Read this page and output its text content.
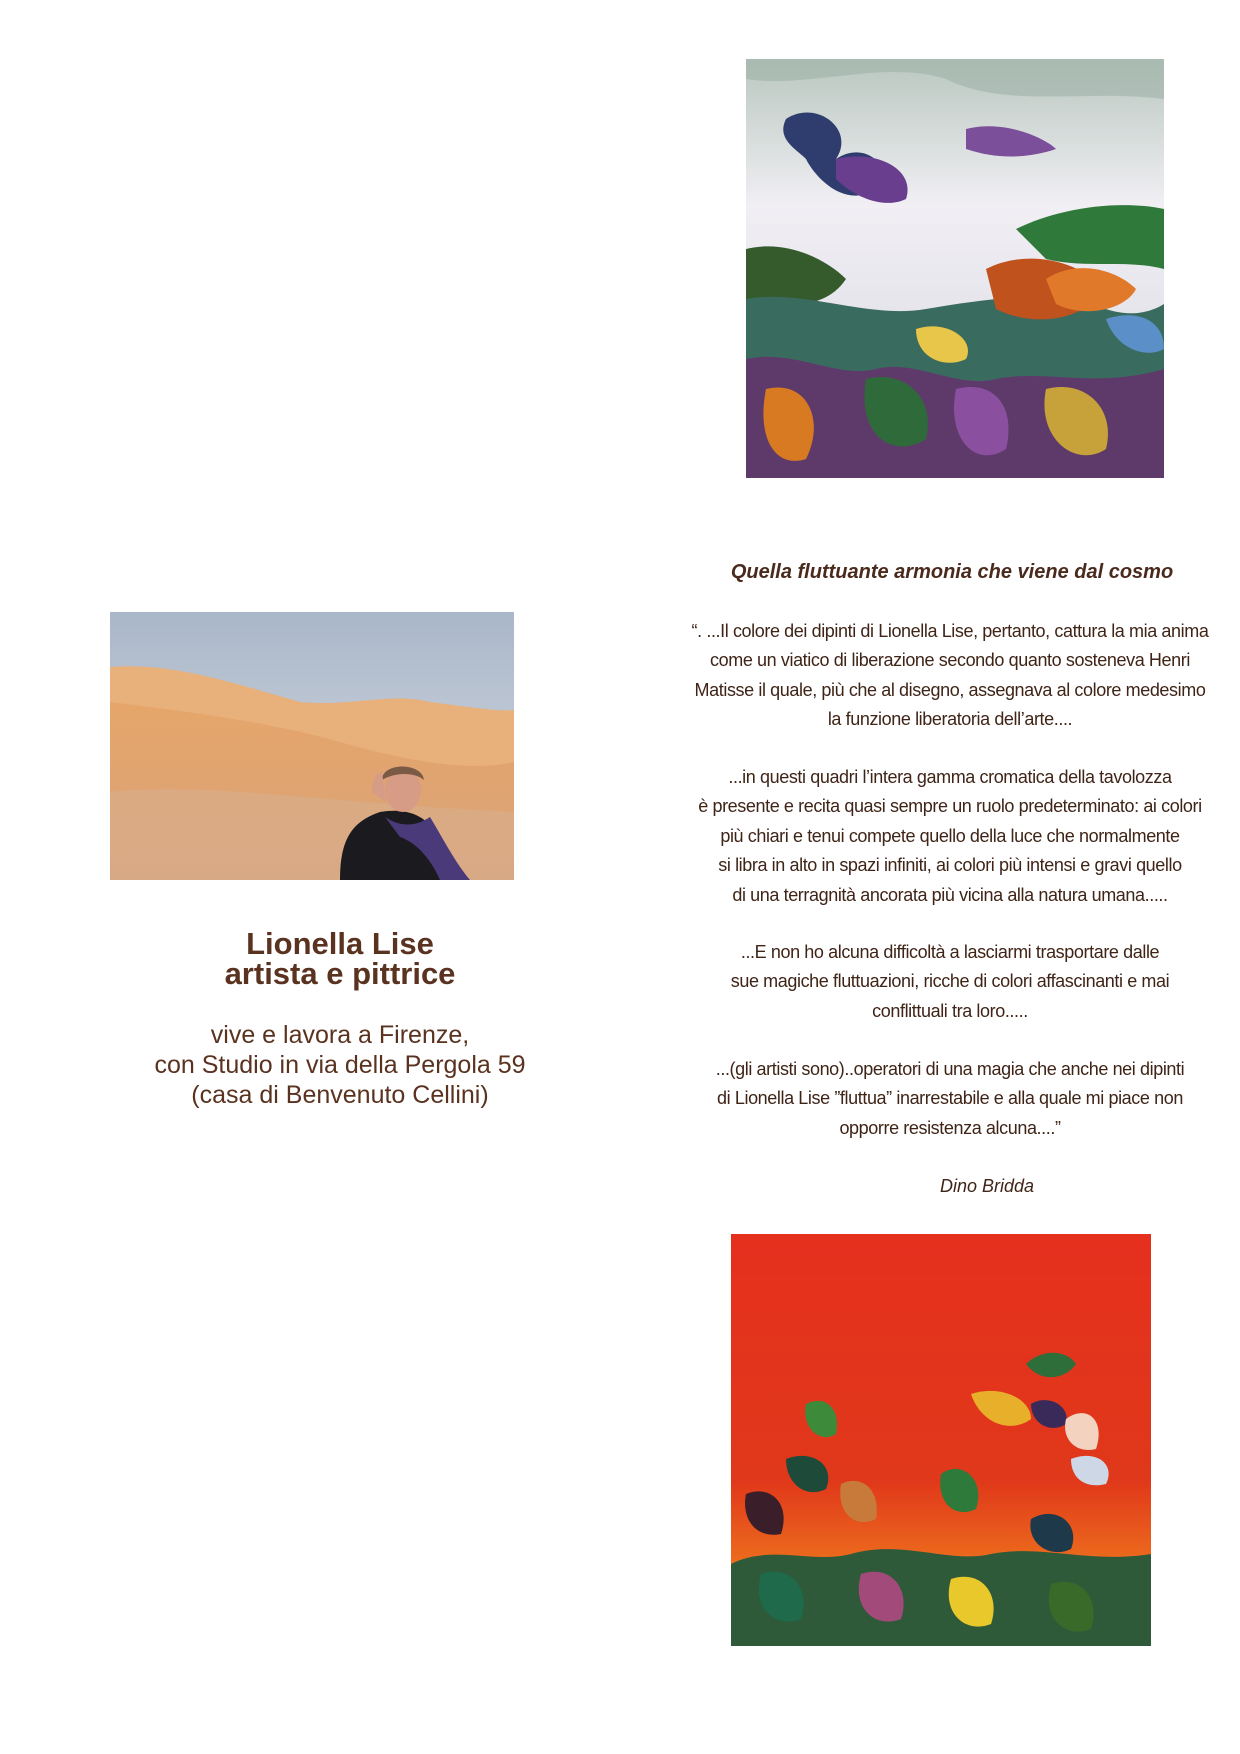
Lionella Lise
artista e pittrice
vive e lavora a Firenze,
con Studio in via della Pergola 59
(casa di Benvenuto Cellini)
Quella fluttuante armonia che viene dal cosmo
“. ...Il colore dei dipinti di Lionella Lise, pertanto, cattura la mia anima
come un viatico di liberazione secondo quanto sosteneva Henri
Matisse il quale, più che al disegno, assegnava al colore medesimo
la funzione liberatoria dell’arte....
...in questi quadri l’intera gamma cromatica della tavolozza
è presente e recita quasi sempre un ruolo predeterminato: ai colori
più chiari e tenui compete quello della luce che normalmente
si libra in alto in spazi infiniti, ai colori più intensi e gravi quello
di una terragnità ancorata più vicina alla natura umana.....
...E non ho alcuna difficoltà a lasciarmi trasportare dalle
sue magiche fluttuazioni, ricche di colori affascinanti e mai
conflittuali tra loro.....
...(gli artisti sono)..operatori di una magia che anche nei dipinti
di Lionella Lise ”fluttua” inarrestabile e alla quale mi piace non
opporre resistenza alcuna....”
Dino Bridda
